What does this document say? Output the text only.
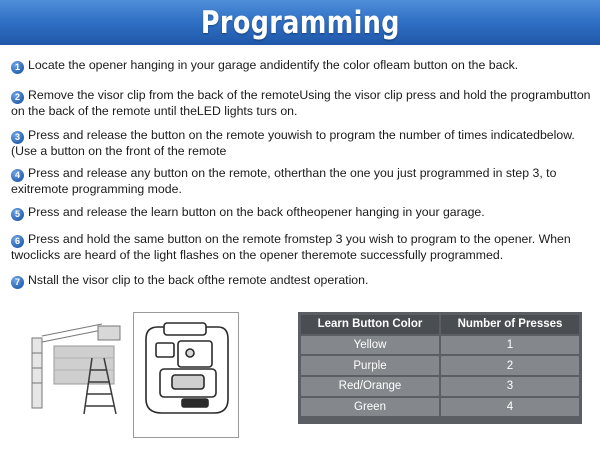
Programming
1 Locate the opener hanging in your garage andidentify the color ofleam button on the back.
2 Remove the visor clip from the back of the remoteUsing the visor clip press and hold the programbutton on the back of the remote until theLED lights turs on.
3 Press and release the button on the remote youwish to program the number of times indicatedbelow.(Use a button on the front of the remote
4 Press and release any button on the remote, otherthan the one you just programmed in step 3, to exitremote programming mode.
5 Press and release the learn button on the back oftheopener hanging in your garage.
6 Press and hold the same button on the remote fromstep 3 you wish to program to the opener. When twoclicks are heard of the light flashes on the opener theremote successfully programmed.
7 Nstall the visor clip to the back ofthe remote andtest operation.
Learn Button Color	Number of Presses
Yellow	1
Purple	2
Red/Orange	3
Green	4
